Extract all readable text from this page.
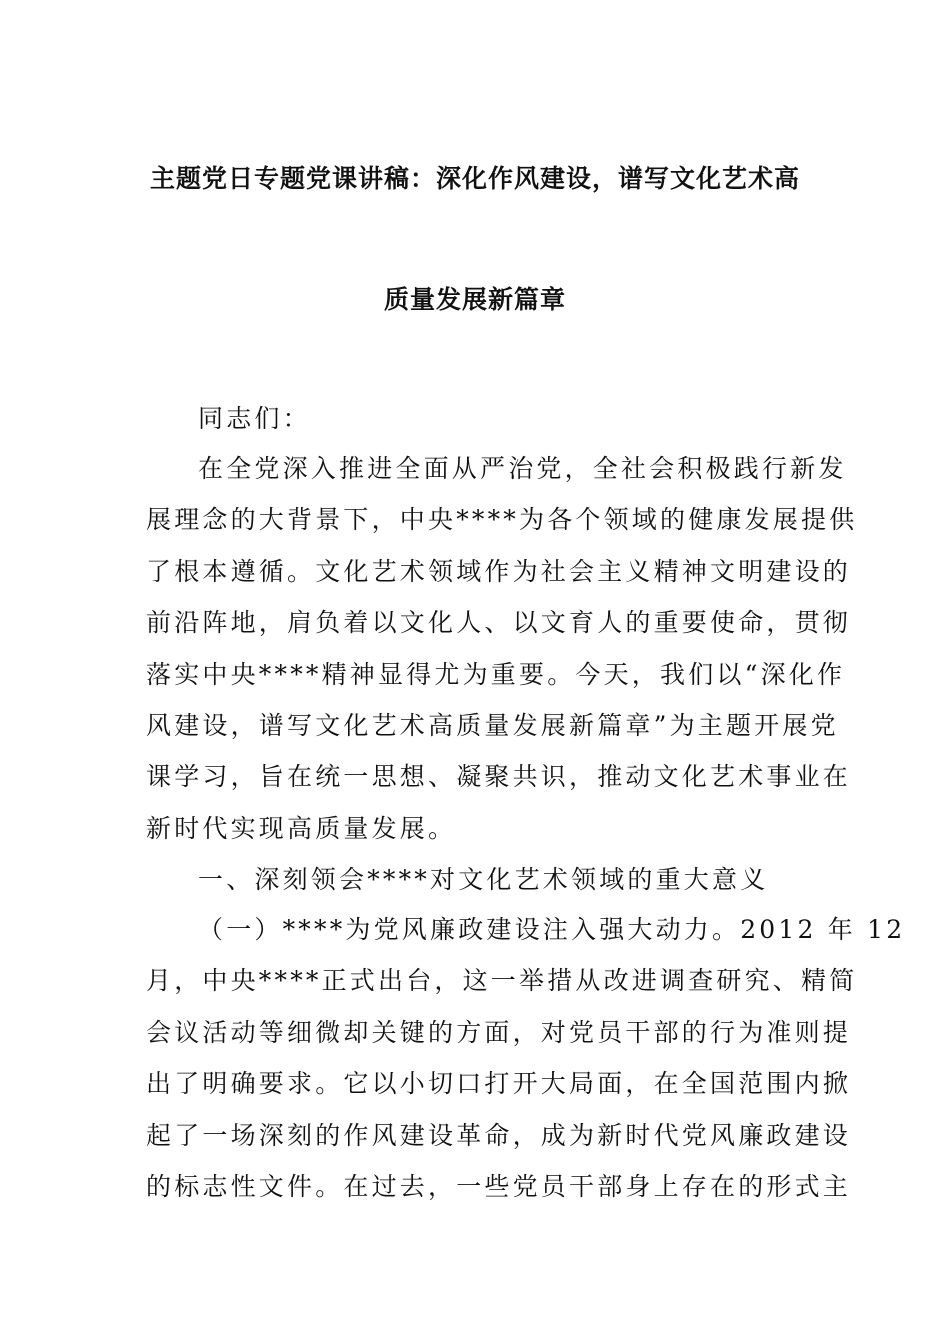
主题党日专题党课讲稿：深化作风建设，谱写文化艺术高
质量发展新篇章
同志们：
在全党深入推进全面从严治党，全社会积极践行新发
展理念的大背景下，中央****为各个领域的健康发展提供
了根本遵循。文化艺术领域作为社会主义精神文明建设的
前沿阵地，肩负着以文化人、以文育人的重要使命，贯彻
落实中央****精神显得尤为重要。今天，我们以“深化作
风建设，谱写文化艺术高质量发展新篇章”为主题开展党
课学习，旨在统一思想、凝聚共识，推动文化艺术事业在
新时代实现高质量发展。
一、深刻领会****对文化艺术领域的重大意义
（一）****为党风廉政建设注入强大动力。2012 年 12
月，中央****正式出台，这一举措从改进调查研究、精简
会议活动等细微却关键的方面，对党员干部的行为准则提
出了明确要求。它以小切口打开大局面，在全国范围内掀
起了一场深刻的作风建设革命，成为新时代党风廉政建设
的标志性文件。在过去，一些党员干部身上存在的形式主
